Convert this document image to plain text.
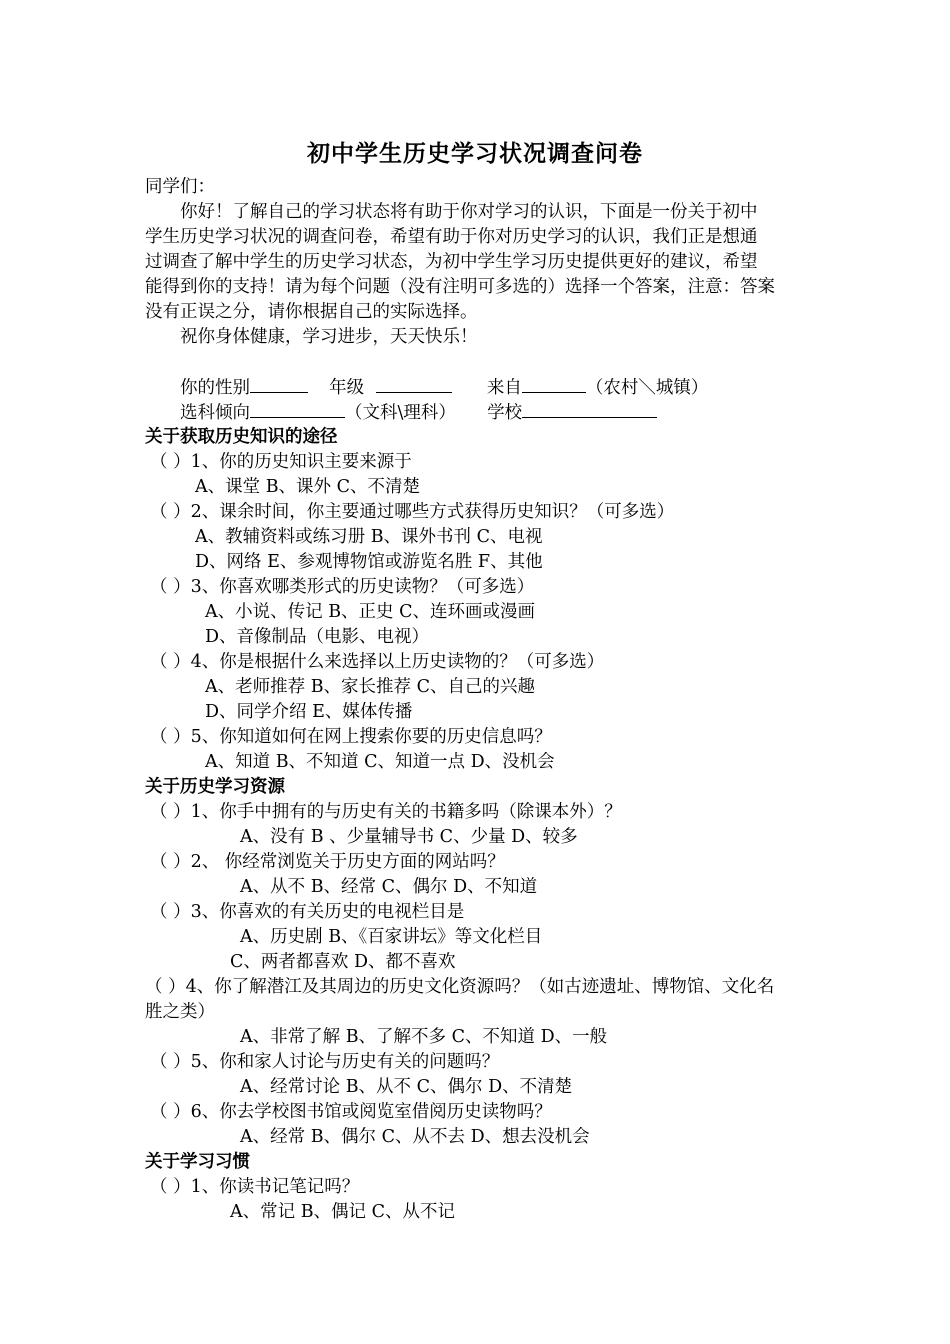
初中学生历史学习状况调查问卷
同学们：
你好！了解自己的学习状态将有助于你对学习的认识，下面是一份关于初中
学生历史学习状况的调查问卷，希望有助于你对历史学习的认识，我们正是想通
过调查了解中学生的历史学习状态，为初中学生学习历史提供更好的建议，希望
能得到你的支持！请为每个问题（没有注明可多选的）选择一个答案，注意：答案
没有正误之分，请你根据自己的实际选择。
祝你身体健康，学习进步，天天快乐！
你的性别	年级	来自	（农村＼城镇）
选科倾向	（文科\理科） 学校
关于获取历史知识的途径
（ ）1、你的历史知识主要来源于
A、课堂 B、课外 C、不清楚
（ ）2、课余时间，你主要通过哪些方式获得历史知识？（可多选）
A、教辅资料或练习册 B、课外书刊 C、电视
D、网络 E、参观博物馆或游览名胜 F、其他
（ ）3、你喜欢哪类形式的历史读物？（可多选）
A、小说、传记 B、正史 C、连环画或漫画
D、音像制品（电影、电视）
（ ）4、你是根据什么来选择以上历史读物的？（可多选）
A、老师推荐 B、家长推荐 C、自己的兴趣
D、同学介绍 E、媒体传播
（ ）5、你知道如何在网上搜索你要的历史信息吗？
A、知道 B、不知道 C、知道一点 D、没机会
关于历史学习资源
（ ）1、你手中拥有的与历史有关的书籍多吗（除课本外）？
A、没有 B 、少量辅导书 C、少量 D、较多
（ ）2、 你经常浏览关于历史方面的网站吗？
A、从不 B、经常 C、偶尔 D、不知道
（ ）3、你喜欢的有关历史的电视栏目是
A、历史剧 B、《百家讲坛》等文化栏目
C、两者都喜欢 D、都不喜欢
（ ）4、你了解潜江及其周边的历史文化资源吗？（如古迹遗址、博物馆、文化名
胜之类）
A、非常了解 B、了解不多 C、不知道 D、一般
（ ）5、你和家人讨论与历史有关的问题吗？
A、经常讨论 B、从不 C、偶尔 D、不清楚
（ ）6、你去学校图书馆或阅览室借阅历史读物吗？
A、经常 B、偶尔 C、从不去 D、想去没机会
关于学习习惯
（ ）1、你读书记笔记吗？
A、常记 B、偶记 C、从不记
